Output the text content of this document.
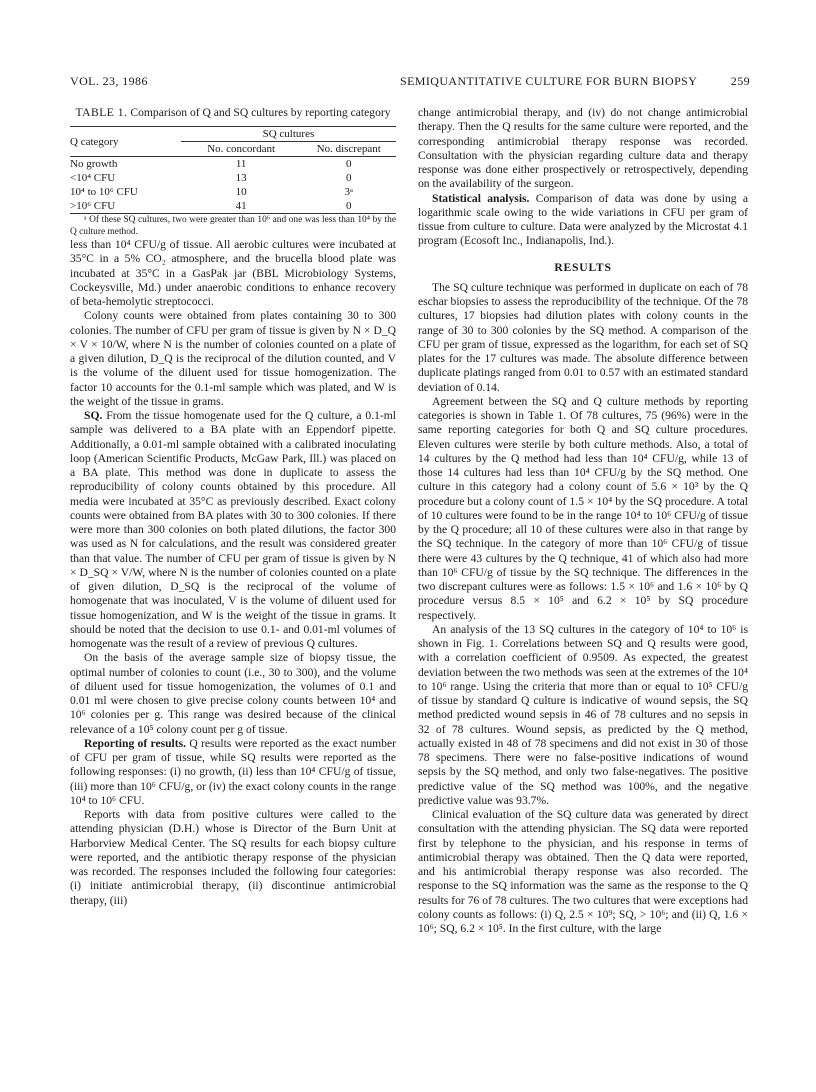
VOL. 23, 1986	SEMIQUANTITATIVE CULTURE FOR BURN BIOPSY	259
TABLE 1. Comparison of Q and SQ cultures by reporting category

Q category	SQ cultures	
	No. concordant	No. discrepant

No growth	11	0
<10⁴ CFU	13	0
10⁴ to 10⁶ CFU	10	3ᵃ
>10⁶ CFU	41	0

ᵃ Of these SQ cultures, two were greater than 10⁶ and one was less than 10⁴ by the Q culture method.

less than 10⁴ CFU/g of tissue. All aerobic cultures were incubated at 35°C in a 5% CO₂ atmosphere, and the brucella blood plate was incubated at 35°C in a GasPak jar (BBL Microbiology Systems, Cockeysville, Md.) under anaerobic conditions to enhance recovery of beta-hemolytic streptococci.

Colony counts were obtained from plates containing 30 to 300 colonies. The number of CFU per gram of tissue is given by N × D_Q × V × 10/W, where N is the number of colonies counted on a plate of a given dilution, D_Q is the reciprocal of the dilution counted, and V is the volume of the diluent used for tissue homogenization. The factor 10 accounts for the 0.1-ml sample which was plated, and W is the weight of the tissue in grams.

SQ. From the tissue homogenate used for the Q culture, a 0.1-ml sample was delivered to a BA plate with an Eppendorf pipette. Additionally, a 0.01-ml sample obtained with a calibrated inoculating loop (American Scientific Products, McGaw Park, Ill.) was placed on a BA plate. This method was done in duplicate to assess the reproducibility of colony counts obtained by this procedure. All media were incubated at 35°C as previously described. Exact colony counts were obtained from BA plates with 30 to 300 colonies. If there were more than 300 colonies on both plated dilutions, the factor 300 was used as N for calculations, and the result was considered greater than that value. The number of CFU per gram of tissue is given by N × D_SQ × V/W, where N is the number of colonies counted on a plate of given dilution, D_SQ is the reciprocal of the volume of homogenate that was inoculated, V is the volume of diluent used for tissue homogenization, and W is the weight of the tissue in grams. It should be noted that the decision to use 0.1- and 0.01-ml volumes of homogenate was the result of a review of previous Q cultures.

On the basis of the average sample size of biopsy tissue, the optimal number of colonies to count (i.e., 30 to 300), and the volume of diluent used for tissue homogenization, the volumes of 0.1 and 0.01 ml were chosen to give precise colony counts between 10⁴ and 10⁶ colonies per g. This range was desired because of the clinical relevance of a 10⁵ colony count per g of tissue.

Reporting of results. Q results were reported as the exact number of CFU per gram of tissue, while SQ results were reported as the following responses: (i) no growth, (ii) less than 10⁴ CFU/g of tissue, (iii) more than 10⁶ CFU/g, or (iv) the exact colony counts in the range 10⁴ to 10⁶ CFU.

Reports with data from positive cultures were called to the attending physician (D.H.) whose is Director of the Burn Unit at Harborview Medical Center. The SQ results for each biopsy culture were reported, and the antibiotic therapy response of the physician was recorded. The responses included the following four categories: (i) initiate antimicrobial therapy, (ii) discontinue antimicrobial therapy, (iii)

change antimicrobial therapy, and (iv) do not change antimicrobial therapy. Then the Q results for the same culture were reported, and the corresponding antimicrobial therapy response was recorded. Consultation with the physician regarding culture data and therapy response was done either prospectively or retrospectively, depending on the availability of the surgeon.

Statistical analysis. Comparison of data was done by using a logarithmic scale owing to the wide variations in CFU per gram of tissue from culture to culture. Data were analyzed by the Microstat 4.1 program (Ecosoft Inc., Indianapolis, Ind.).

RESULTS

The SQ culture technique was performed in duplicate on each of 78 eschar biopsies to assess the reproducibility of the technique. Of the 78 cultures, 17 biopsies had dilution plates with colony counts in the range of 30 to 300 colonies by the SQ method. A comparison of the CFU per gram of tissue, expressed as the logarithm, for each set of SQ plates for the 17 cultures was made. The absolute difference between duplicate platings ranged from 0.01 to 0.57 with an estimated standard deviation of 0.14.

Agreement between the SQ and Q culture methods by reporting categories is shown in Table 1. Of 78 cultures, 75 (96%) were in the same reporting categories for both Q and SQ culture procedures. Eleven cultures were sterile by both culture methods. Also, a total of 14 cultures by the Q method had less than 10⁴ CFU/g, while 13 of those 14 cultures had less than 10⁴ CFU/g by the SQ method. One culture in this category had a colony count of 5.6 × 10³ by the Q procedure but a colony count of 1.5 × 10⁴ by the SQ procedure. A total of 10 cultures were found to be in the range 10⁴ to 10⁶ CFU/g of tissue by the Q procedure; all 10 of these cultures were also in that range by the SQ technique. In the category of more than 10⁶ CFU/g of tissue there were 43 cultures by the Q technique, 41 of which also had more than 10⁶ CFU/g of tissue by the SQ technique. The differences in the two discrepant cultures were as follows: 1.5 × 10⁶ and 1.6 × 10⁶ by Q procedure versus 8.5 × 10⁵ and 6.2 × 10⁵ by SQ procedure respectively.

An analysis of the 13 SQ cultures in the category of 10⁴ to 10⁶ is shown in Fig. 1. Correlations between SQ and Q results were good, with a correlation coefficient of 0.9509. As expected, the greatest deviation between the two methods was seen at the extremes of the 10⁴ to 10⁶ range. Using the criteria that more than or equal to 10⁵ CFU/g of tissue by standard Q culture is indicative of wound sepsis, the SQ method predicted wound sepsis in 46 of 78 cultures and no sepsis in 32 of 78 cultures. Wound sepsis, as predicted by the Q method, actually existed in 48 of 78 specimens and did not exist in 30 of those 78 specimens. There were no false-positive indications of wound sepsis by the SQ method, and only two false-negatives. The positive predictive value of the SQ method was 100%, and the negative predictive value was 93.7%.

Clinical evaluation of the SQ culture data was generated by direct consultation with the attending physician. The SQ data were reported first by telephone to the physician, and his response in terms of antimicrobial therapy was obtained. Then the Q data were reported, and his antimicrobial therapy response was also recorded. The response to the SQ information was the same as the response to the Q results for 76 of 78 cultures. The two cultures that were exceptions had colony counts as follows: (i) Q, 2.5 × 10⁹; SQ, > 10⁶; and (ii) Q, 1.6 × 10⁶; SQ, 6.2 × 10⁵. In the first culture, with the large
